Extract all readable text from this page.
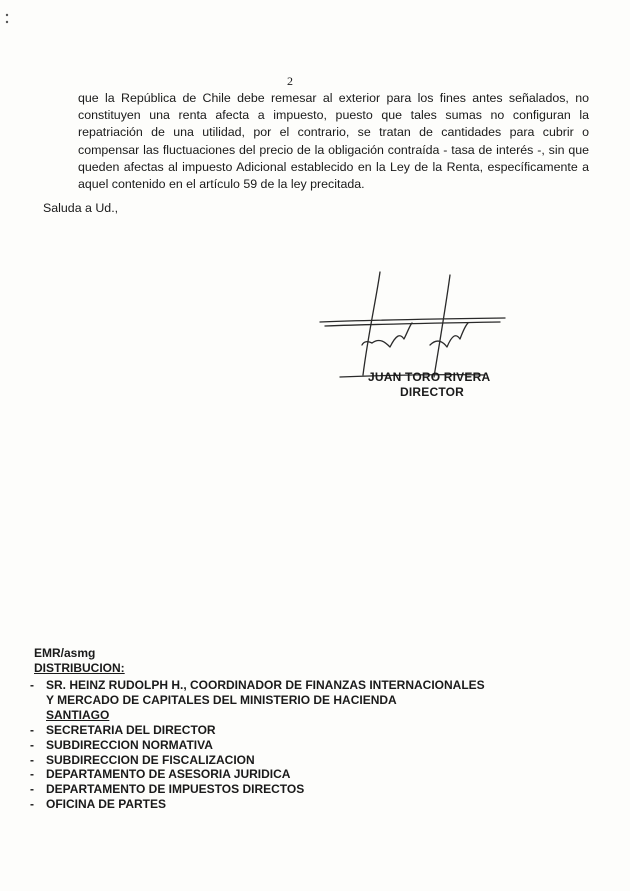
2

que la República de Chile debe remesar al exterior para los fines antes señalados, no constituyen una renta afecta a impuesto, puesto que tales sumas no configuran la repatriación de una utilidad, por el contrario, se tratan de cantidades para cubrir o compensar las fluctuaciones del precio de la obligación contraída - tasa de interés -, sin que queden afectas al impuesto Adicional establecido en la Ley de la Renta, específicamente a aquel contenido en el artículo 59 de la ley precitada.

Saluda a Ud.,
JUAN TORO RIVERA
DIRECTOR
EMR/asmg
DISTRIBUCION:
- SR. HEINZ RUDOLPH H., COORDINADOR DE FINANZAS INTERNACIONALES
Y MERCADO DE CAPITALES DEL MINISTERIO DE HACIENDA
SANTIAGO
- SECRETARIA DEL DIRECTOR
- SUBDIRECCION NORMATIVA
- SUBDIRECCION DE FISCALIZACION
- DEPARTAMENTO DE ASESORIA JURIDICA
- DEPARTAMENTO DE IMPUESTOS DIRECTOS
- OFICINA DE PARTES
